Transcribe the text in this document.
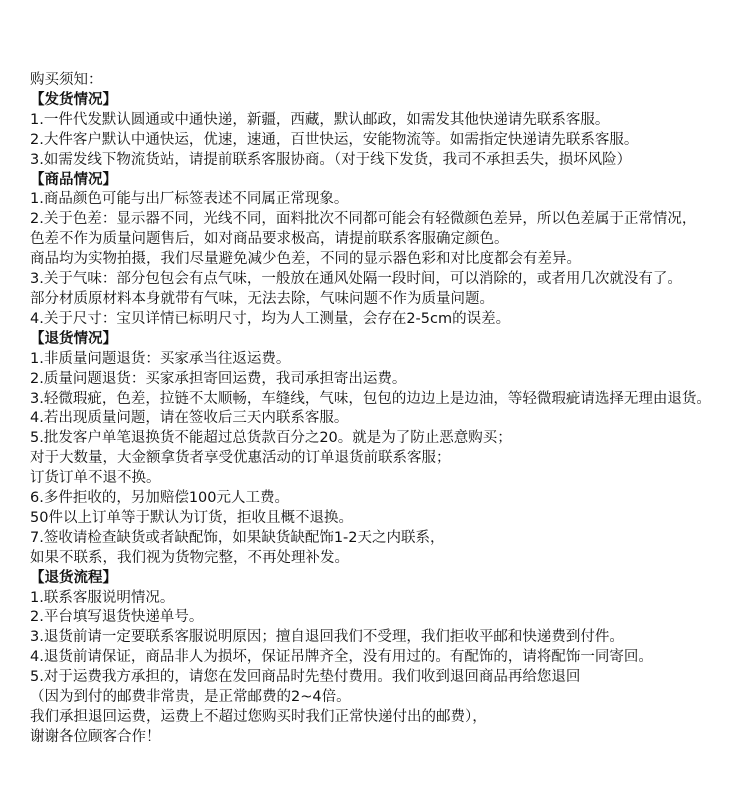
购买须知：
【发货情况】
1.一件代发默认圆通或中通快递，新疆，西藏，默认邮政，如需发其他快递请先联系客服。
2.大件客户默认中通快运，优速，速通，百世快运，安能物流等。如需指定快递请先联系客服。
3.如需发线下物流货站，请提前联系客服协商。（对于线下发货，我司不承担丢失，损坏风险）
【商品情况】
1.商品颜色可能与出厂标签表述不同属正常现象。
2.关于色差：显示器不同，光线不同，面料批次不同都可能会有轻微颜色差异，所以色差属于正常情况，
色差不作为质量问题售后，如对商品要求极高，请提前联系客服确定颜色。
商品均为实物拍摄，我们尽量避免减少色差，不同的显示器色彩和对比度都会有差异。
3.关于气味：部分包包会有点气味，一般放在通风处隔一段时间，可以消除的，或者用几次就没有了。
部分材质原材料本身就带有气味，无法去除，气味问题不作为质量问题。
4.关于尺寸：宝贝详情已标明尺寸，均为人工测量，会存在2-5cm的误差。
【退货情况】
1.非质量问题退货：买家承当往返运费。
2.质量问题退货：买家承担寄回运费，我司承担寄出运费。
3.轻微瑕疵，色差，拉链不太顺畅，车缝线，气味，包包的边边上是边油，等轻微瑕疵请选择无理由退货。
4.若出现质量问题，请在签收后三天内联系客服。
5.批发客户单笔退换货不能超过总货款百分之20。就是为了防止恶意购买；
对于大数量，大金额拿货者享受优惠活动的订单退货前联系客服；
订货订单不退不换。
6.多件拒收的，另加赔偿100元人工费。
50件以上订单等于默认为订货，拒收且概不退换。
7.签收请检查缺货或者缺配饰，如果缺货缺配饰1-2天之内联系，
如果不联系，我们视为货物完整，不再处理补发。
【退货流程】
1.联系客服说明情况。
2.平台填写退货快递单号。
3.退货前请一定要联系客服说明原因；擅自退回我们不受理，我们拒收平邮和快递费到付件。
4.退货前请保证，商品非人为损坏，保证吊牌齐全，没有用过的。有配饰的，请将配饰一同寄回。
5.对于运费我方承担的，请您在发回商品时先垫付费用。我们收到退回商品再给您退回
（因为到付的邮费非常贵，是正常邮费的2~4倍。
我们承担退回运费，运费上不超过您购买时我们正常快递付出的邮费），
谢谢各位顾客合作！
